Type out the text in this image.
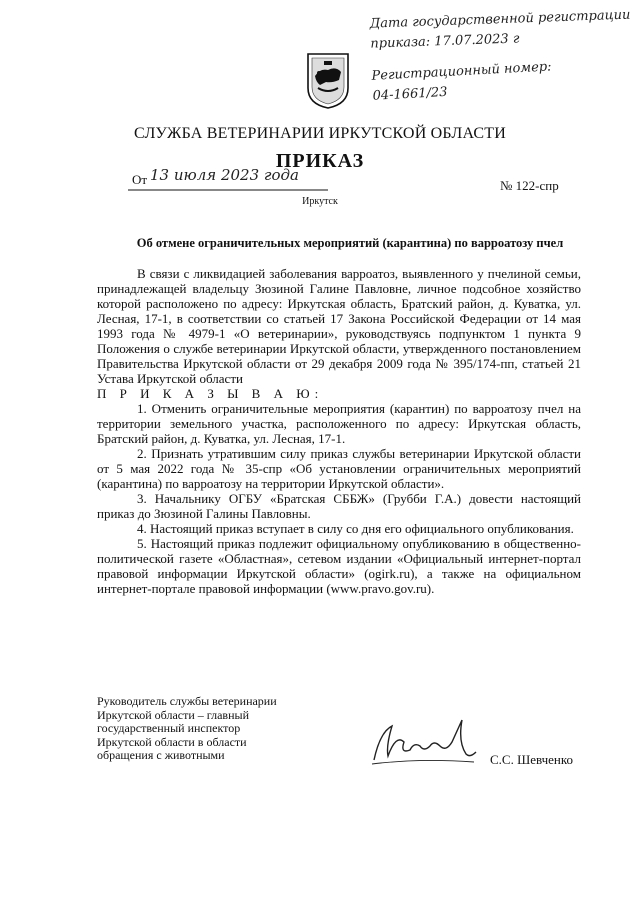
Дата государственной регистрации
приказа: 17.07.2023 г
Регистрационный номер:
04-1661/23
СЛУЖБА ВЕТЕРИНАРИИ ИРКУТСКОЙ ОБЛАСТИ
ПРИКАЗ
От 13 июля 2023 года
№ 122-спр
Иркутск
Об отмене ограничительных мероприятий (карантина) по варроатозу пчел

В связи с ликвидацией заболевания варроатоз, выявленного у пчелиной семьи, принадлежащей владельцу Зюзиной Галине Павловне, личное подсобное хозяйство которой расположено по адресу: Иркутская область, Братский район, д. Куватка, ул. Лесная, 17-1, в соответствии со статьей 17 Закона Российской Федерации от 14 мая 1993 года № 4979-1 «О ветеринарии», руководствуясь подпунктом 1 пункта 9 Положения о службе ветеринарии Иркутской области, утвержденного постановлением Правительства Иркутской области от 29 декабря 2009 года № 395/174-пп, статьей 21 Устава Иркутской области

П Р И К А З Ы В А Ю:

1. Отменить ограничительные мероприятия (карантин) по варроатозу пчел на территории земельного участка, расположенного по адресу: Иркутская область, Братский район, д. Куватка, ул. Лесная, 17-1.

2. Признать утратившим силу приказ службы ветеринарии Иркутской области от 5 мая 2022 года № 35-спр «Об установлении ограничительных мероприятий (карантина) по варроатозу на территории Иркутской области».

3. Начальнику ОГБУ «Братская СББЖ» (Грубби Г.А.) довести настоящий приказ до Зюзиной Галины Павловны.

4. Настоящий приказ вступает в силу со дня его официального опубликования.

5. Настоящий приказ подлежит официальному опубликованию в общественно-политической газете «Областная», сетевом издании «Официальный интернет-портал правовой информации Иркутской области» (ogirk.ru), а также на официальном интернет-портале правовой информации (www.pravo.gov.ru).

Руководитель службы ветеринарии
Иркутской области – главный
государственный инспектор
Иркутской области в области
обращения с животными	С.С. Шевченко
